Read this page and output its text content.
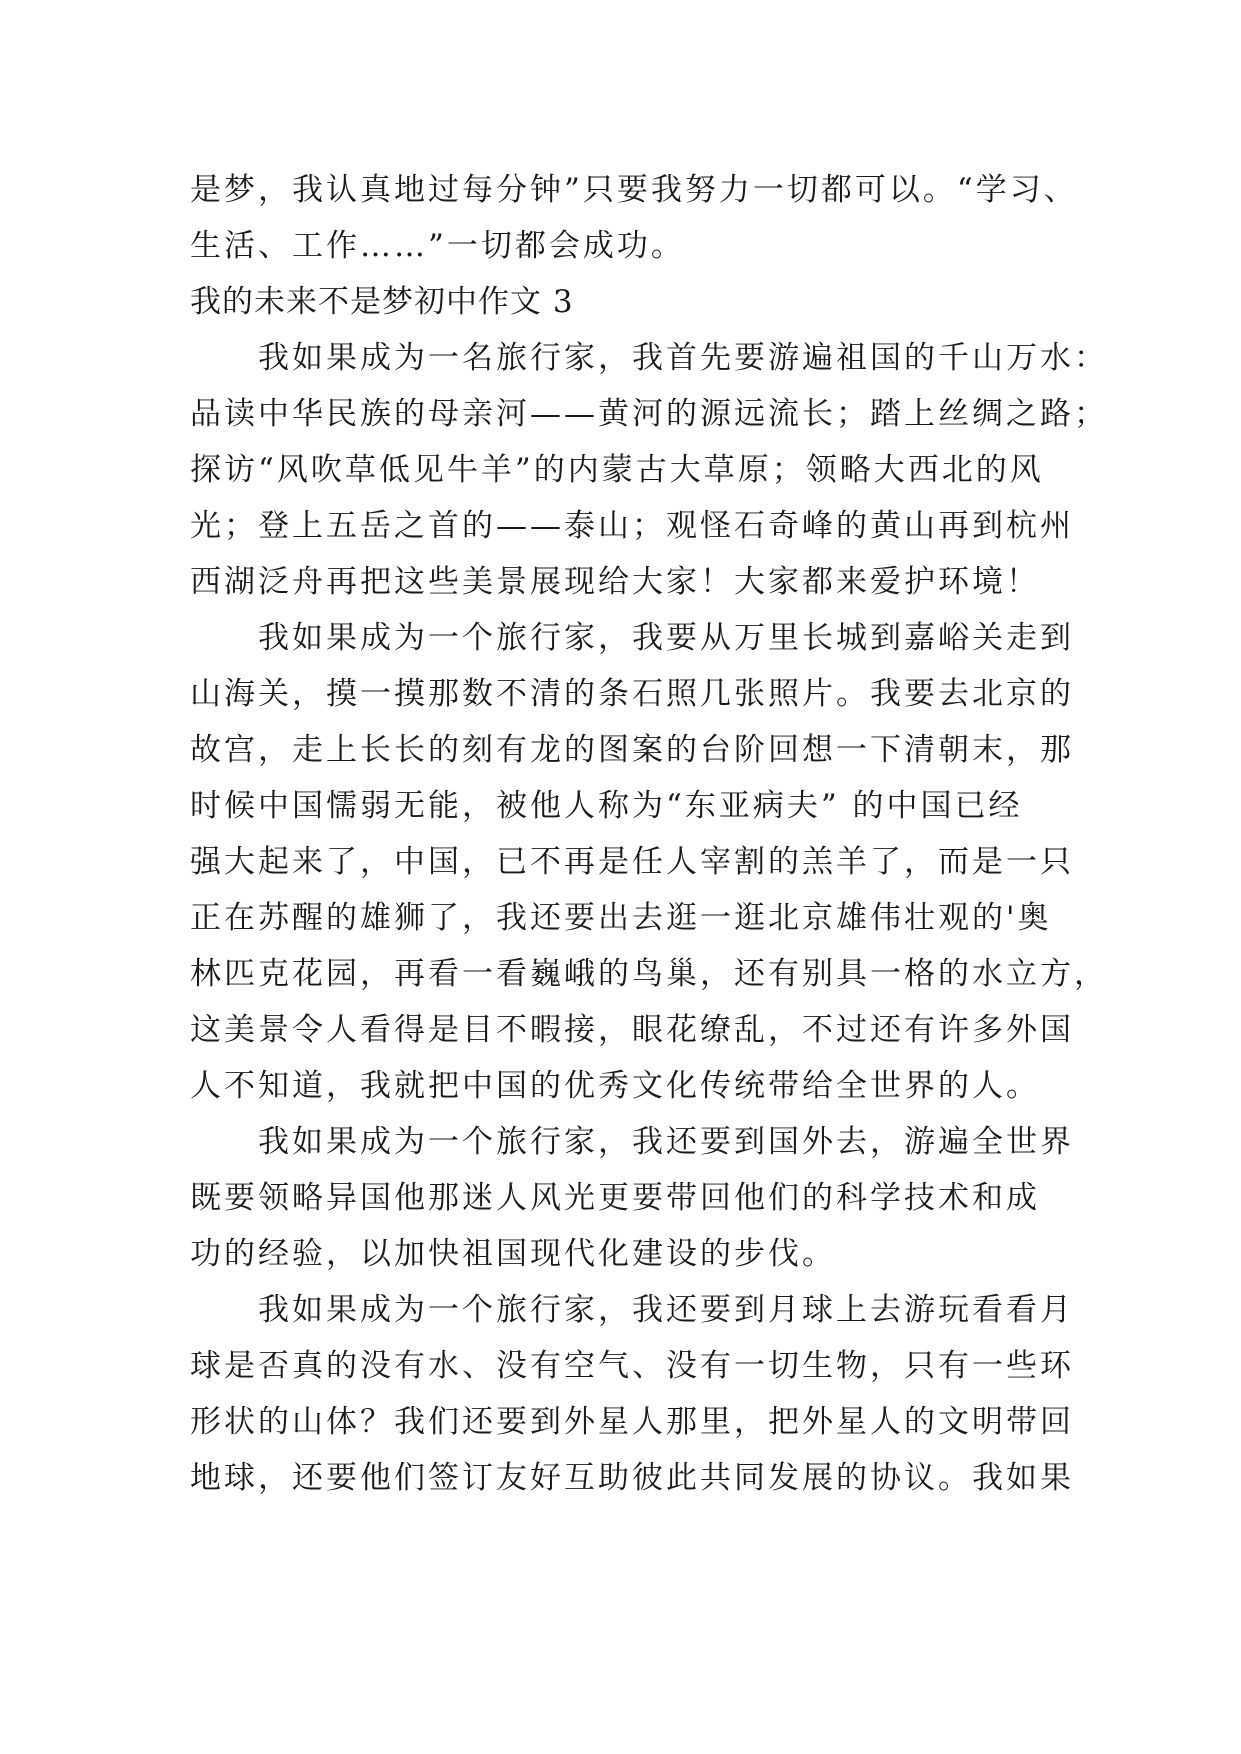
是梦，我认真地过每分钟”只要我努力一切都可以。“学习、
生活、工作……”一切都会成功。
我的未来不是梦初中作文 3
我如果成为一名旅行家，我首先要游遍祖国的千山万水：
品读中华民族的母亲河——黄河的源远流长；踏上丝绸之路；
探访“风吹草低见牛羊”的内蒙古大草原；领略大西北的风
光；登上五岳之首的——泰山；观怪石奇峰的黄山再到杭州
西湖泛舟再把这些美景展现给大家！大家都来爱护环境！
我如果成为一个旅行家，我要从万里长城到嘉峪关走到
山海关，摸一摸那数不清的条石照几张照片。我要去北京的
故宫，走上长长的刻有龙的图案的台阶回想一下清朝末，那
时候中国懦弱无能，被他人称为“东亚病夫” 的中国已经
强大起来了，中国，已不再是任人宰割的羔羊了，而是一只
正在苏醒的雄狮了，我还要出去逛一逛北京雄伟壮观的'奥
林匹克花园，再看一看巍峨的鸟巢，还有别具一格的水立方，
这美景令人看得是目不暇接，眼花缭乱，不过还有许多外国
人不知道，我就把中国的优秀文化传统带给全世界的人。
我如果成为一个旅行家，我还要到国外去，游遍全世界
既要领略异国他那迷人风光更要带回他们的科学技术和成
功的经验，以加快祖国现代化建设的步伐。
我如果成为一个旅行家，我还要到月球上去游玩看看月
球是否真的没有水、没有空气、没有一切生物，只有一些环
形状的山体？我们还要到外星人那里，把外星人的文明带回
地球，还要他们签订友好互助彼此共同发展的协议。我如果
